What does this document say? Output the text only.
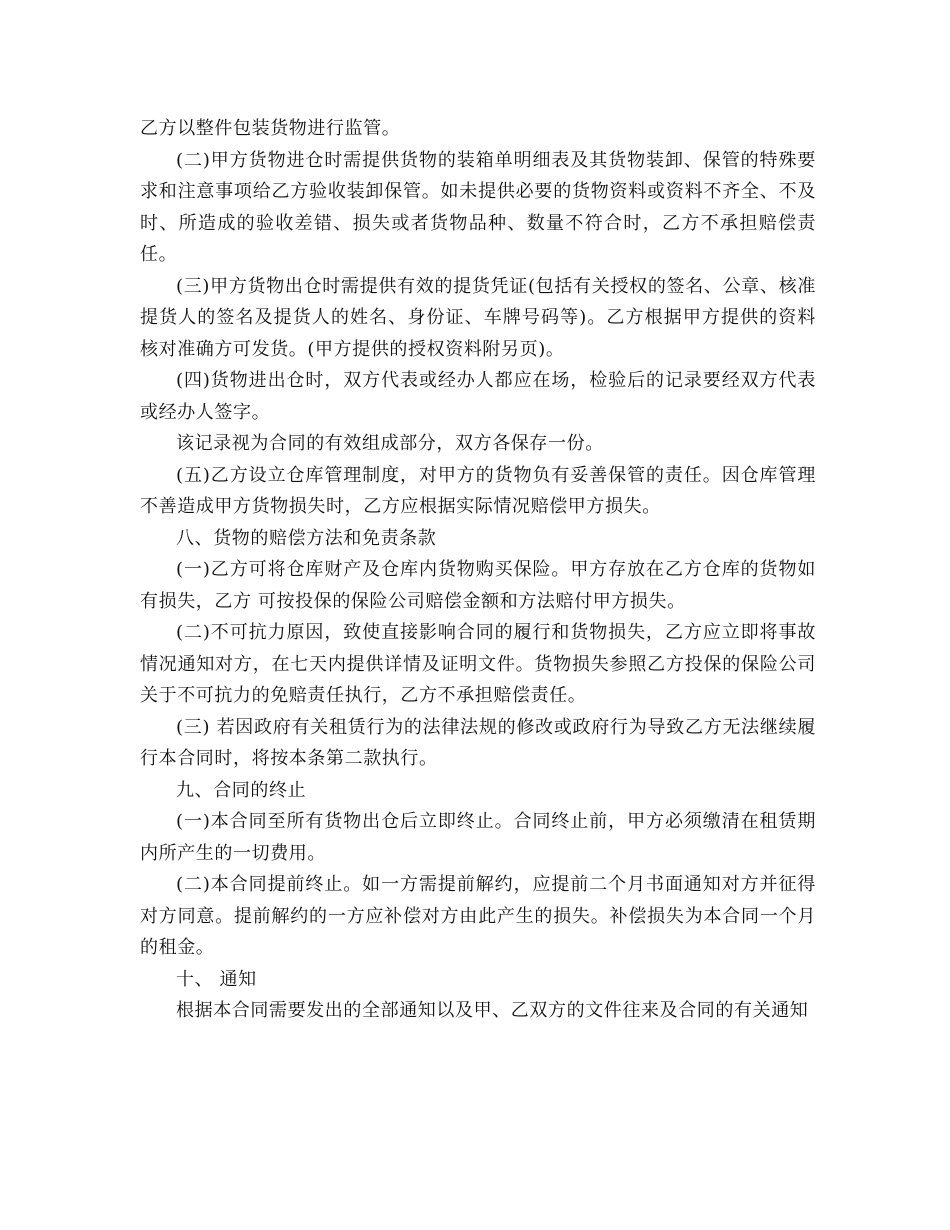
乙方以整件包装货物进行监管。

(二)甲方货物进仓时需提供货物的装箱单明细表及其货物装卸、保管的特殊要求和注意事项给乙方验收装卸保管。如未提供必要的货物资料或资料不齐全、不及时、所造成的验收差错、损失或者货物品种、数量不符合时，乙方不承担赔偿责任。

(三)甲方货物出仓时需提供有效的提货凭证(包括有关授权的签名、公章、核准提货人的签名及提货人的姓名、身份证、车牌号码等)。乙方根据甲方提供的资料核对准确方可发货。(甲方提供的授权资料附另页)。

(四)货物进出仓时，双方代表或经办人都应在场，检验后的记录要经双方代表或经办人签字。

该记录视为合同的有效组成部分，双方各保存一份。

(五)乙方设立仓库管理制度，对甲方的货物负有妥善保管的责任。因仓库管理不善造成甲方货物损失时，乙方应根据实际情况赔偿甲方损失。

八、货物的赔偿方法和免责条款

(一)乙方可将仓库财产及仓库内货物购买保险。甲方存放在乙方仓库的货物如有损失，乙方 可按投保的保险公司赔偿金额和方法赔付甲方损失。

(二)不可抗力原因，致使直接影响合同的履行和货物损失，乙方应立即将事故情况通知对方，在七天内提供详情及证明文件。货物损失参照乙方投保的保险公司关于不可抗力的免赔责任执行，乙方不承担赔偿责任。

(三) 若因政府有关租赁行为的法律法规的修改或政府行为导致乙方无法继续履行本合同时，将按本条第二款执行。

九、合同的终止

(一)本合同至所有货物出仓后立即终止。合同终止前，甲方必须缴清在租赁期内所产生的一切费用。

(二)本合同提前终止。如一方需提前解约，应提前二个月书面通知对方并征得对方同意。提前解约的一方应补偿对方由此产生的损失。补偿损失为本合同一个月的租金。

十、 通知

根据本合同需要发出的全部通知以及甲、乙双方的文件往来及合同的有关通知
